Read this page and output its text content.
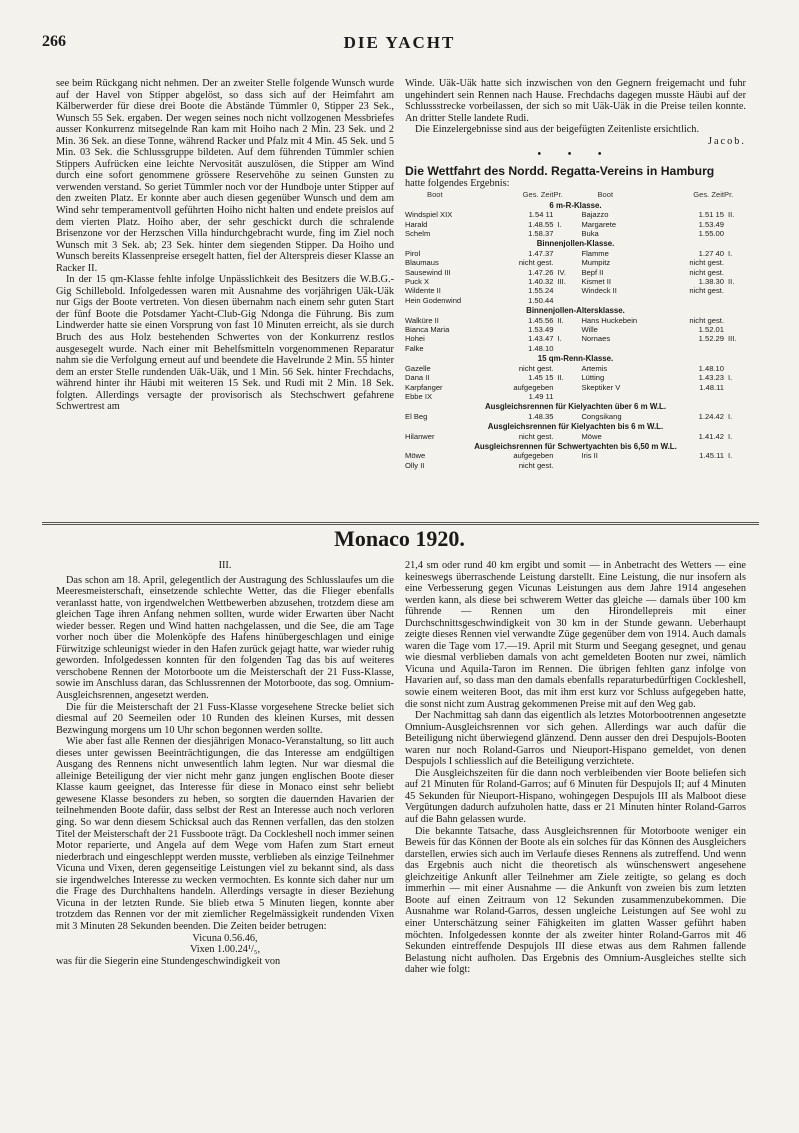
266	DIE YACHT

see beim Rückgang nicht nehmen. Der an zweiter Stelle folgende Wunsch wurde auf der Havel von Stipper abgelöst, so dass sich auf der Heimfahrt am Kälberwerder für diese drei Boote die Abstände Tümmler 0, Stipper 23 Sek., Wunsch 55 Sek. ergaben. Der wegen seines noch nicht vollzogenen Messbriefes ausser Konkurrenz mitsegelnde Ran kam mit Hoiho nach 2 Min. 23 Sek. und 2 Min. 36 Sek. an diese Tonne, während Racker und Pfalz mit 4 Min. 45 Sek. und 5 Min. 03 Sek. die Schlussgruppe bildeten. Auf dem führenden Tümmler schien Stippers Aufrücken eine leichte Nervosität auszulösen, die Stipper am Wind durch eine sofort genommene grössere Reservehöhe zu seinen Gunsten zu verwenden verstand. So geriet Tümmler noch vor der Hundboje unter Stipper auf den zweiten Platz. Er konnte aber auch diesen gegenüber Wunsch und dem am Wind sehr temperamentvoll geführten Hoiho nicht halten und endete preislos auf dem vierten Platz. Hoiho aber, der sehr geschickt durch die schralende Brisenzone vor der Herzschen Villa hindurchgebracht wurde, fing im Ziel noch Wunsch mit 3 Sek. ab; 23 Sek. hinter dem siegenden Stipper. Da Hoiho und Wunsch bereits Klassenpreise ersegelt hatten, fiel der Alterspreis dieser Klasse an Racker II.

In der 15 qm-Klasse fehlte infolge Unpässlichkeit des Besitzers die W.B.G.-Gig Schillebold. Infolgedessen waren mit Ausnahme des vorjährigen Uäk-Uäk nur Gigs der Boote vertreten. Von diesen übernahm nach einem sehr guten Start der fünf Boote die Potsdamer Yacht-Club-Gig Ndonga die Führung. Bis zum Lindwerder hatte sie einen Vorsprung von fast 10 Minuten erreicht, als sie durch Bruch des aus Holz bestehenden Schwertes von der Konkurrenz restlos ausgesegelt wurde. Nach einer mit Behelfsmitteln vorgenommenen Reparatur nahm sie die Verfolgung erneut auf und beendete die Havelrunde 2 Min. 55 hinter dem an erster Stelle rundenden Uäk-Uäk, und 1 Min. 56 Sek. hinter Frechdachs, während hinter ihr Häubi mit weiteren 15 Sek. und Rudi mit 2 Min. 18 Sek. folgten. Allerdings versagte der provisorisch als Stechschwert gefahrene Schwertrest am

Winde. Uäk-Uäk hatte sich inzwischen von den Gegnern freigemacht und fuhr ungehindert sein Rennen nach Hause. Frechdachs dagegen musste Häubi auf der Schlussstrecke vorbeilassen, der sich so mit Uäk-Uäk in die Preise teilen konnte. An dritter Stelle landete Rudi.

Die Einzelergebnisse sind aus der beigefügten Zeitenliste ersichtlich.

Jacob.
• • •
Die Wettfahrt des Nordd. Regatta-Vereins in Hamburg
hatte folgendes Ergebnis:
Boot	Ges. Zeit	Pr.	Boot	Ges. Zeit	Pr.
6 m-R-Klasse.					
Windspiel XIX	1.54 11		Bajazzo	1.51 15	II.
Harald	1.48.55	I.	Margarete	1.53.49	
Schelm	1.58.37		Buka	1.55.00	
Binnenjollen-Klasse.					
Pirol	1.47.37		Flamme	1.27 40	I.
Blaumaus	nicht gest.		Mumpitz	nicht gest.	
Sausewind III	1.47.26	IV.	Bepf II	nicht gest.	
Puck X	1.40.32	III.	Kismet II	1.38.30	II.
Wildente II	1.55.24		Windeck II	nicht gest.	
Hein Godenwind	1.50.44				
Binnenjollen-Altersklasse.					
Walküre II	1.45.56	II.	Hans Huckebein	nicht gest.	
Bianca Maria	1.53.49		Wille	1.52.01	
Hohei	1.43.47	I.	Nornaes	1.52.29	III.
Falke	1.48.10				
15 qm-Renn-Klasse.					
Gazelle	nicht gest.		Artemis	1.48.10	
Dana II	1.45 15	II.	Lütting	1.43.23	I.
Karpfanger	aufgegeben		Skeptiker V	1.48.11	
Ebbe IX	1.49 11				
Ausgleichsrennen für Kielyachten über 6 m W.L.					
El Beg	1.48.35		Congsikang	1.24.42	I.
Ausgleichsrennen für Kielyachten bis 6 m W.L.					
Hilanwer	nicht gest.		Möwe	1.41.42	I.
Ausgleichsrennen für Schwertyachten bis 6,50 m W.L.					
Möwe	aufgegeben		Iris II	1.45.11	I.
Olly II	nicht gest.				
Monaco 1920.

III.

Das schon am 18. April, gelegentlich der Austragung des Schlusslaufes um die Meeresmeisterschaft, einsetzende schlechte Wetter, das die Flieger ebenfalls veranlasst hatte, von irgendwelchen Wettbewerben abzusehen, trotzdem diese am gleichen Tage ihren Anfang nehmen sollten, wurde wider Erwarten über Nacht wieder besser. Regen und Wind hatten nachgelassen, und die See, die am Tage vorher noch über die Molenköpfe des Hafens hinübergeschlagen und einige Fürwitzige schleunigst wieder in den Hafen zurück gejagt hatte, war wieder ruhig geworden. Infolgedessen konnten für den folgenden Tag das bis auf weiteres verschobene Rennen der Motorboote um die Meisterschaft der 21 Fuss-Klasse, sowie im Anschluss daran, das Schlussrennen der Motorboote, das sog. Omnium-Ausgleichsrennen, angesetzt werden.

Die für die Meisterschaft der 21 Fuss-Klasse vorgesehene Strecke beliet sich diesmal auf 20 Seemeilen oder 10 Runden des kleinen Kurses, mit dessen Bezwingung morgens um 10 Uhr schon begonnen werden sollte.

Wie aber fast alle Rennen der diesjährigen Monaco-Veranstaltung, so litt auch dieses unter gewissen Beeinträchtigungen, die das Interesse am endgültigen Ausgang des Rennens nicht unwesentlich lahm legten. Nur war diesmal die alleinige Beteiligung der vier nicht mehr ganz jungen englischen Boote dieser Klasse kaum geeignet, das Interesse für diese in Monaco einst sehr beliebt gewesene Klasse besonders zu heben, so sorgten die dauernden Havarien der teilnehmenden Boote dafür, dass selbst der Rest an Interesse auch noch verloren ging. So war denn diesem Schicksal auch das Rennen verfallen, das den stolzen Titel der Meisterschaft der 21 Fussboote trägt. Da Cockleshell noch immer seinen Motor reparierte, und Angela auf dem Wege vom Hafen zum Start erneut niederbrach und eingeschleppt werden musste, verblieben als einzige Teilnehmer Vicuna und Vixen, deren gegenseitige Leistungen viel zu bekannt sind, als dass sie irgendwelches Interesse zu wecken vermochten. Es konnte sich daher nur um die Frage des Durchhaltens handeln. Allerdings versagte in dieser Beziehung Vicuna in der letzten Runde. Sie blieb etwa 5 Minuten liegen, konnte aber trotzdem das Rennen vor der mit ziemlicher Regelmässigkeit rundenden Vixen mit 3 Minuten 28 Sekunden beenden. Die Zeiten beider betrugen:

Vicuna 0.56.46,

Vixen 1.00.24¹/₅,

was für die Siegerin eine Stundengeschwindigkeit von

21,4 sm oder rund 40 km ergibt und somit — in Anbetracht des Wetters — eine keineswegs überraschende Leistung darstellt. Eine Leistung, die nur insofern als eine Verbesserung gegen Vicunas Leistungen aus dem Jahre 1914 angesehen werden kann, als diese bei schwerem Wetter das gleiche — damals über 100 km führende — Rennen um den Hirondellepreis mit einer Durchschnittsgeschwindigkeit von 30 km in der Stunde gewann. Ueberhaupt zeigte dieses Rennen viel verwandte Züge gegenüber dem von 1914. Auch damals waren die Tage vom 17.—19. April mit Sturm und Seegang gesegnet, und genau wie diesmal verblieben damals von acht gemeldeten Booten nur zwei, nämlich Vicuna und Aquila-Taron im Rennen. Die übrigen fehlten ganz infolge von Havarien auf, so dass man den damals ebenfalls reparaturbedürftigen Cockleshell, sowie einem weiteren Boot, das mit ihm erst kurz vor Schluss aufgegeben hatte, die sonst nicht zum Austrag gekommenen Preise mit auf den Weg gab.

Der Nachmittag sah dann das eigentlich als letztes Motorbootrennen angesetzte Omnium-Ausgleichsrennen vor sich gehen. Allerdings war auch dafür die Beteiligung nicht überwiegend glänzend. Denn ausser den drei Despujols-Booten waren nur noch Roland-Garros und Nieuport-Hispano gemeldet, von denen Despujols I schliesslich auf die Beteiligung verzichtete.

Die Ausgleichszeiten für die dann noch verbleibenden vier Boote beliefen sich auf 21 Minuten für Roland-Garros; auf 6 Minuten für Despujols II; auf 4 Minuten 45 Sekunden für Nieuport-Hispano, wohingegen Despujols III als Malboot diese Vergütungen dadurch aufzuholen hatte, dass er 21 Minuten hinter Roland-Garros auf die Bahn gelassen wurde.

Die bekannte Tatsache, dass Ausgleichsrennen für Motorboote weniger ein Beweis für das Können der Boote als ein solches für das Können des Ausgleichers darstellen, erwies sich auch im Verlaufe dieses Rennens als zutreffend. Und wenn das Ergebnis auch nicht die theoretisch als wünschenswert angesehene gleichzeitige Ankunft aller Teilnehmer am Ziele zeitigte, so gelang es doch immerhin — mit einer Ausnahme — die Ankunft von zweien bis zum letzten Boote auf einen Zeitraum von 12 Sekunden zusammenzubekommen. Die Ausnahme war Roland-Garros, dessen ungleiche Leistungen auf See wohl zu einer Unterschätzung seiner Fähigkeiten im glatten Wasser geführt haben möchten. Infolgedessen konnte der als zweiter hinter Roland-Garros mit 46 Sekunden eintreffende Despujols III diese etwas aus dem Rahmen fallende Belastung nicht aufholen. Das Ergebnis des Omnium-Ausgleiches stellte sich daher wie folgt:
